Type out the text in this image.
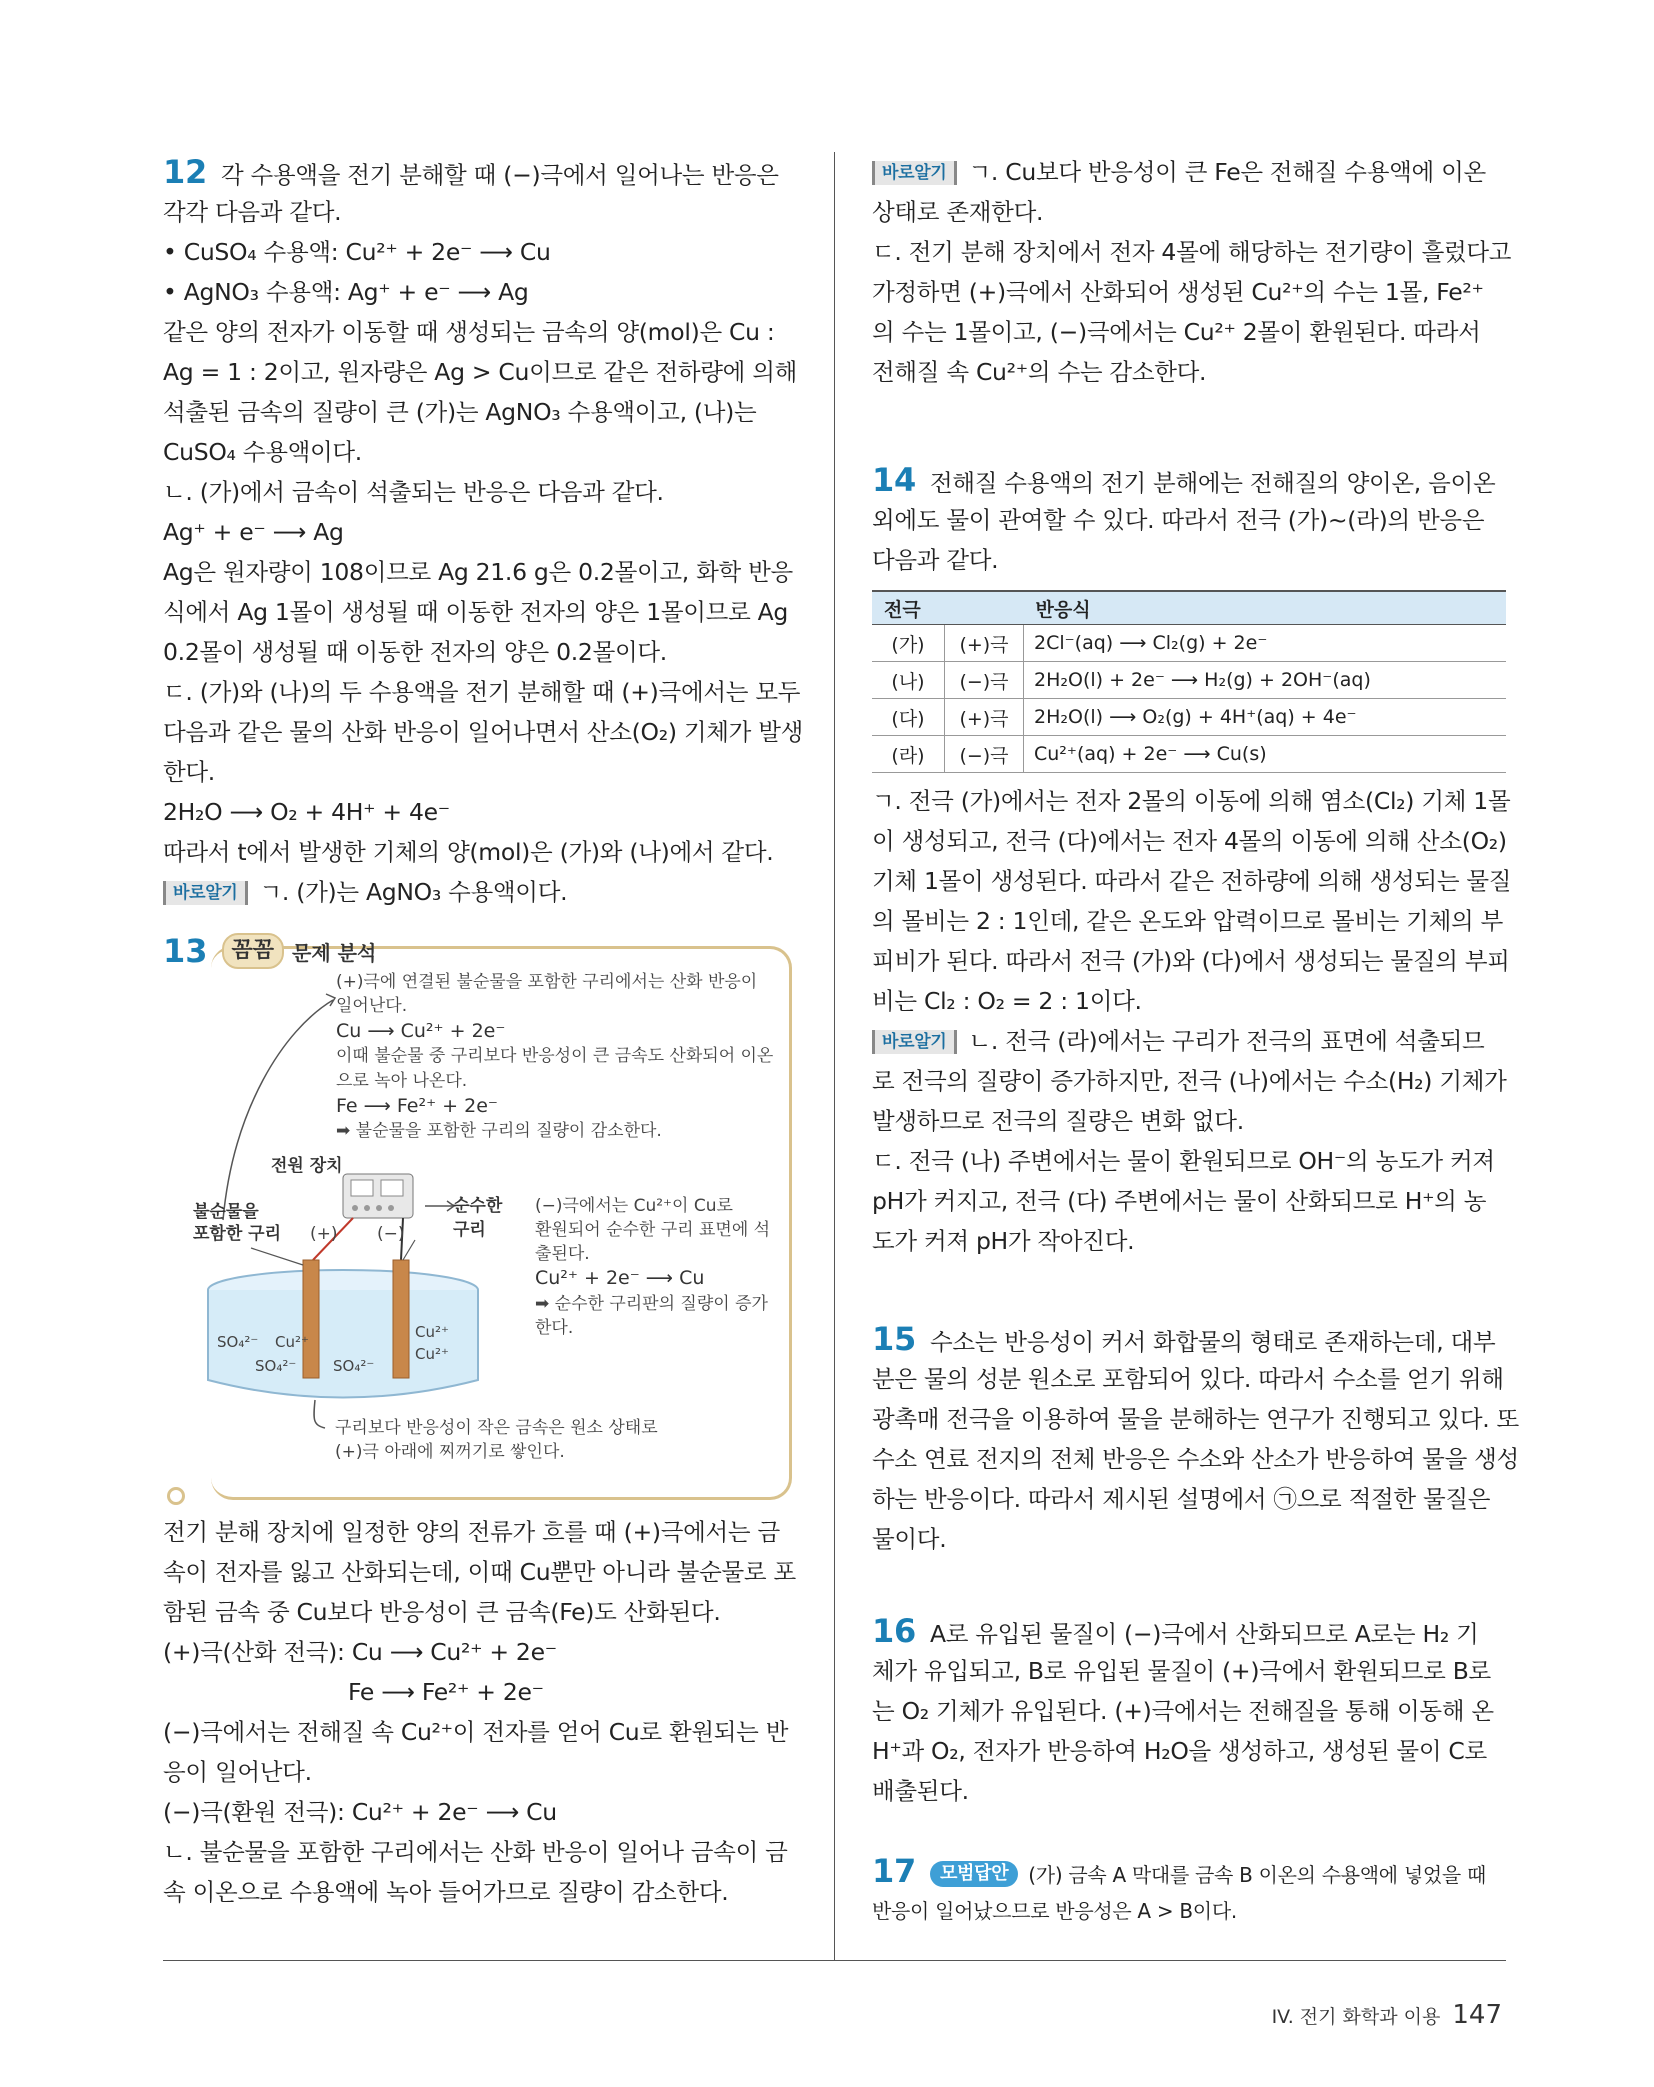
12 각 수용액을 전기 분해할 때 (−)극에서 일어나는 반응은
각각 다음과 같다.
• CuSO₄ 수용액: Cu²⁺ + 2e⁻ ⟶ Cu
• AgNO₃ 수용액: Ag⁺ + e⁻ ⟶ Ag
같은 양의 전자가 이동할 때 생성되는 금속의 양(mol)은 Cu :
Ag = 1 : 2이고, 원자량은 Ag > Cu이므로 같은 전하량에 의해
석출된 금속의 질량이 큰 (가)는 AgNO₃ 수용액이고, (나)는
CuSO₄ 수용액이다.
ㄴ. (가)에서 금속이 석출되는 반응은 다음과 같다.
Ag⁺ + e⁻ ⟶ Ag
Ag은 원자량이 108이므로 Ag 21.6 g은 0.2몰이고, 화학 반응
식에서 Ag 1몰이 생성될 때 이동한 전자의 양은 1몰이므로 Ag
0.2몰이 생성될 때 이동한 전자의 양은 0.2몰이다.
ㄷ. (가)와 (나)의 두 수용액을 전기 분해할 때 (+)극에서는 모두
다음과 같은 물의 산화 반응이 일어나면서 산소(O₂) 기체가 발생
한다.
2H₂O ⟶ O₂ + 4H⁺ + 4e⁻
따라서 t에서 발생한 기체의 양(mol)은 (가)와 (나)에서 같다.
바로알기 ㄱ. (가)는 AgNO₃ 수용액이다.
13	꼼꼼 문제 분석
(+)극에 연결된 불순물을 포함한 구리에서는 산화 반응이
일어난다.
Cu ⟶ Cu²⁺ + 2e⁻
이때 불순물 중 구리보다 반응성이 큰 금속도 산화되어 이온
으로 녹아 나온다.
Fe ⟶ Fe²⁺ + 2e⁻
➡ 불순물을 포함한 구리의 질량이 감소한다.
전원 장치
불순물을
포함한 구리 (+) (−)
순수한
구리
(−)극에서는 Cu²⁺이 Cu로
환원되어 순수한 구리 표면에 석
출된다.
Cu²⁺ + 2e⁻ ⟶ Cu
➡ 순수한 구리판의 질량이 증가
한다.
SO₄²⁻ Cu²⁺
Cu²⁺
Cu²⁺
SO₄²⁻ SO₄²⁻
구리보다 반응성이 작은 금속은 원소 상태로
(+)극 아래에 찌꺼기로 쌓인다.
전기 분해 장치에 일정한 양의 전류가 흐를 때 (+)극에서는 금
속이 전자를 잃고 산화되는데, 이때 Cu뿐만 아니라 불순물로 포
함된 금속 중 Cu보다 반응성이 큰 금속(Fe)도 산화된다.
(+)극(산화 전극): Cu ⟶ Cu²⁺ + 2e⁻
Fe ⟶ Fe²⁺ + 2e⁻
(−)극에서는 전해질 속 Cu²⁺이 전자를 얻어 Cu로 환원되는 반
응이 일어난다.
(−)극(환원 전극): Cu²⁺ + 2e⁻ ⟶ Cu
ㄴ. 불순물을 포함한 구리에서는 산화 반응이 일어나 금속이 금
속 이온으로 수용액에 녹아 들어가므로 질량이 감소한다.
바로알기 ㄱ. Cu보다 반응성이 큰 Fe은 전해질 수용액에 이온
상태로 존재한다.
ㄷ. 전기 분해 장치에서 전자 4몰에 해당하는 전기량이 흘렀다고
가정하면 (+)극에서 산화되어 생성된 Cu²⁺의 수는 1몰, Fe²⁺
의 수는 1몰이고, (−)극에서는 Cu²⁺ 2몰이 환원된다. 따라서
전해질 속 Cu²⁺의 수는 감소한다.
14 전해질 수용액의 전기 분해에는 전해질의 양이온, 음이온
외에도 물이 관여할 수 있다. 따라서 전극 (가)~(라)의 반응은
다음과 같다.
전극		반응식
(가)	(+)극	2Cl⁻(aq) ⟶ Cl₂(g) + 2e⁻
(나)	(−)극	2H₂O(l) + 2e⁻ ⟶ H₂(g) + 2OH⁻(aq)
(다)	(+)극	2H₂O(l) ⟶ O₂(g) + 4H⁺(aq) + 4e⁻
(라)	(−)극	Cu²⁺(aq) + 2e⁻ ⟶ Cu(s)
ㄱ. 전극 (가)에서는 전자 2몰의 이동에 의해 염소(Cl₂) 기체 1몰
이 생성되고, 전극 (다)에서는 전자 4몰의 이동에 의해 산소(O₂)
기체 1몰이 생성된다. 따라서 같은 전하량에 의해 생성되는 물질
의 몰비는 2 : 1인데, 같은 온도와 압력이므로 몰비는 기체의 부
피비가 된다. 따라서 전극 (가)와 (다)에서 생성되는 물질의 부피
비는 Cl₂ : O₂ = 2 : 1이다.
바로알기 ㄴ. 전극 (라)에서는 구리가 전극의 표면에 석출되므
로 전극의 질량이 증가하지만, 전극 (나)에서는 수소(H₂) 기체가
발생하므로 전극의 질량은 변화 없다.
ㄷ. 전극 (나) 주변에서는 물이 환원되므로 OH⁻의 농도가 커져
pH가 커지고, 전극 (다) 주변에서는 물이 산화되므로 H⁺의 농
도가 커져 pH가 작아진다.
15 수소는 반응성이 커서 화합물의 형태로 존재하는데, 대부
분은 물의 성분 원소로 포함되어 있다. 따라서 수소를 얻기 위해
광촉매 전극을 이용하여 물을 분해하는 연구가 진행되고 있다. 또
수소 연료 전지의 전체 반응은 수소와 산소가 반응하여 물을 생성
하는 반응이다. 따라서 제시된 설명에서 ㉠으로 적절한 물질은
물이다.
16 A로 유입된 물질이 (−)극에서 산화되므로 A로는 H₂ 기
체가 유입되고, B로 유입된 물질이 (+)극에서 환원되므로 B로
는 O₂ 기체가 유입된다. (+)극에서는 전해질을 통해 이동해 온
H⁺과 O₂, 전자가 반응하여 H₂O을 생성하고, 생성된 물이 C로
배출된다.
17 모범답안 (가) 금속 A 막대를 금속 B 이온의 수용액에 넣었을 때
반응이 일어났으므로 반응성은 A > B이다.
IV. 전기 화학과 이용 147
